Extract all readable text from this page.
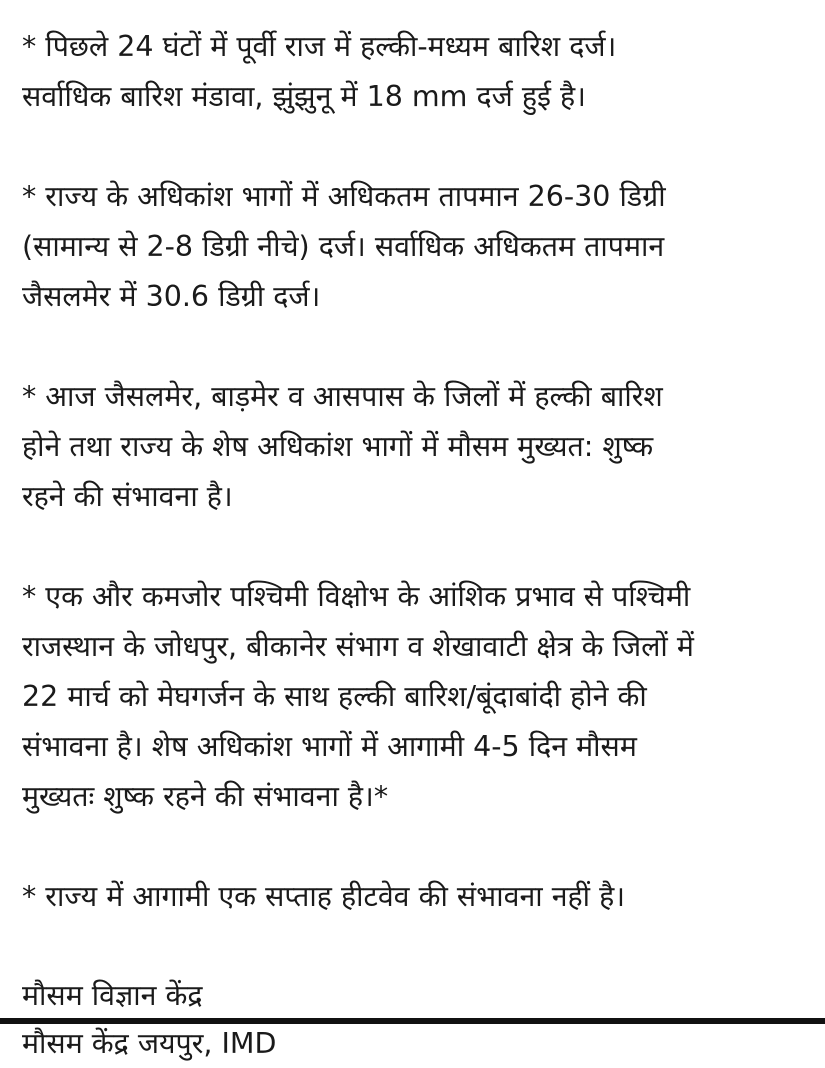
* पिछले 24 घंटों में पूर्वी राज में हल्की-मध्यम बारिश दर्ज।
सर्वाधिक बारिश मंडावा, झुंझुनू में 18 mm दर्ज हुई है।

* राज्य के अधिकांश भागों में अधिकतम तापमान 26-30 डिग्री
(सामान्य से 2-8 डिग्री नीचे) दर्ज। सर्वाधिक अधिकतम तापमान
जैसलमेर में 30.6 डिग्री दर्ज।

* आज जैसलमेर, बाड़मेर व आसपास के जिलों में हल्की बारिश
होने तथा राज्य के शेष अधिकांश भागों में मौसम मुख्यत: शुष्क
रहने की संभावना है।

* एक और कमजोर पश्चिमी विक्षोभ के आंशिक प्रभाव से पश्चिमी
राजस्थान के जोधपुर, बीकानेर संभाग व शेखावाटी क्षेत्र के जिलों में
22 मार्च को मेघगर्जन के साथ हल्की बारिश/बूंदाबांदी होने की
संभावना है। शेष अधिकांश भागों में आगामी 4-5 दिन मौसम
मुख्यतः शुष्क रहने की संभावना है।*

* राज्य में आगामी एक सप्ताह हीटवेव की संभावना नहीं है।

मौसम विज्ञान केंद्र
मौसम केंद्र जयपुर, IMD
